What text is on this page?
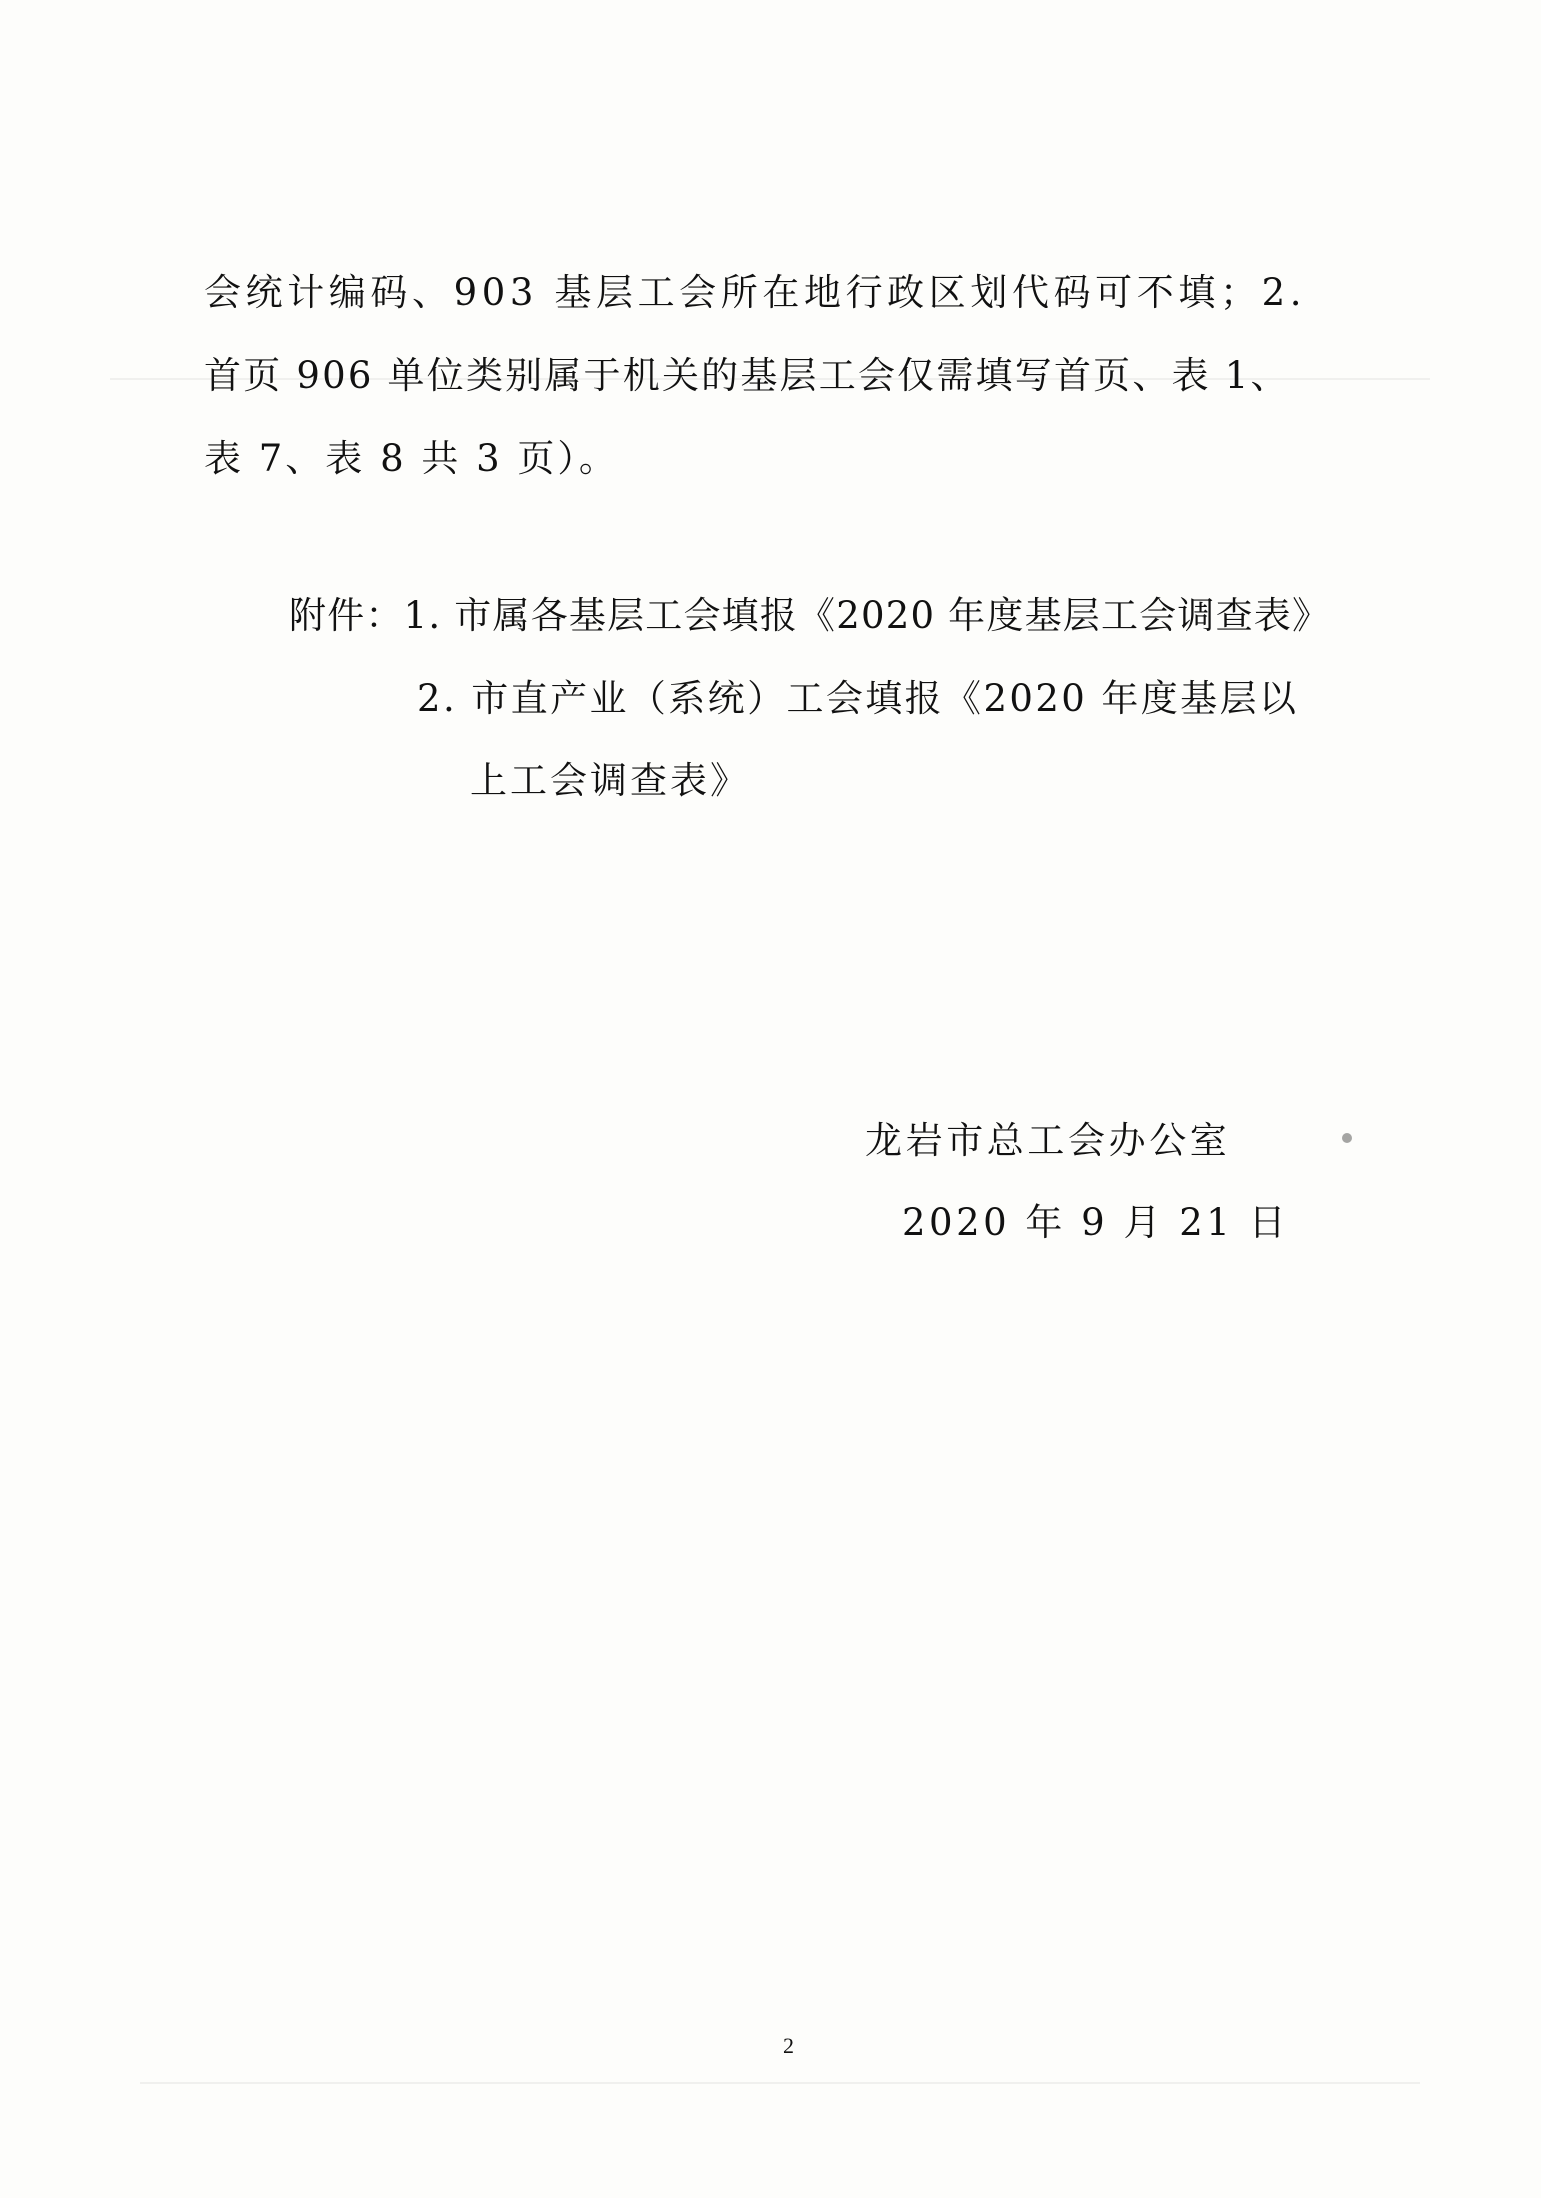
会统计编码、903 基层工会所在地行政区划代码可不填；2.
首页 906 单位类别属于机关的基层工会仅需填写首页、表 1、
表 7、表 8 共 3 页）。
附件：1. 市属各基层工会填报《2020 年度基层工会调查表》
2. 市直产业（系统）工会填报《2020 年度基层以
上工会调查表》
龙岩市总工会办公室
2020 年 9 月 21 日
2
